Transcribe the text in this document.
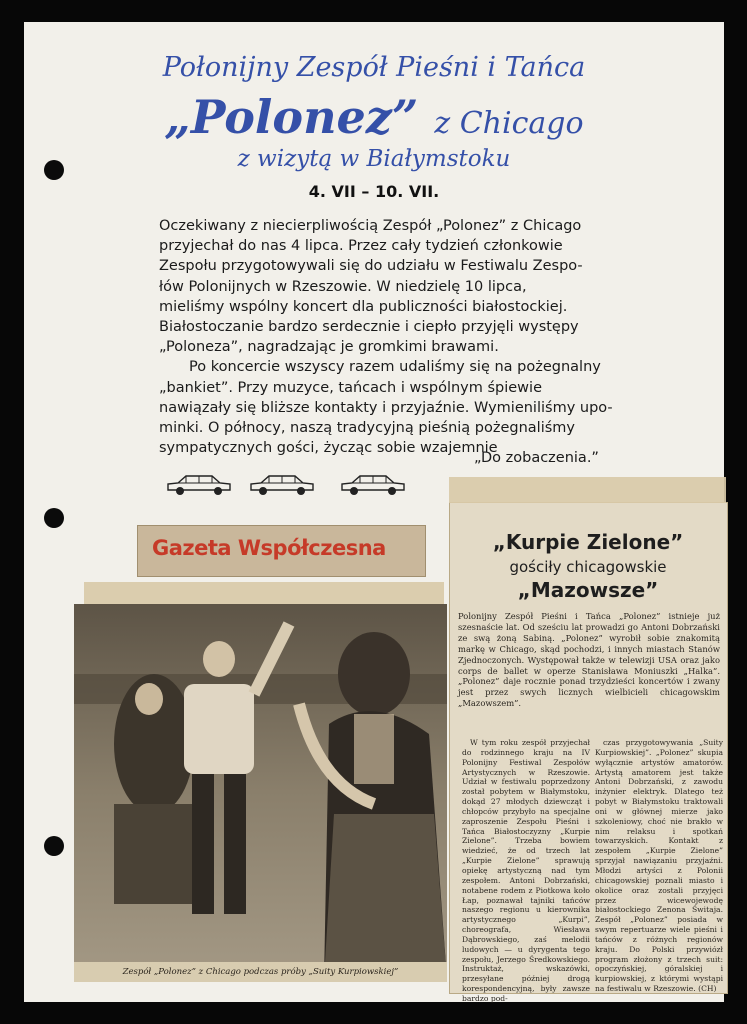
Połonijny Zespół Pieśni i Tańca
„Polonez” z Chicago
z wizytą w Białymstoku
4. VII – 10. VII.

Oczekiwany z niecierpliwością Zespół „Polonez” z Chicago
przyjechał do nas 4 lipca. Przez cały tydzień członkowie
Zespołu przygotowywali się do udziału w Festiwalu Zespo-
łów Polonijnych w Rzeszowie. W niedzielę 10 lipca,
mieliśmy wspólny koncert dla publiczności białostockiej.
Białostoczanie bardzo serdecznie i ciepło przyjęli występy
„Poloneza”, nagradzając je gromkimi brawami.

Po koncercie wszyscy razem udaliśmy się na pożegnalny
„bankiet”. Przy muzyce, tańcach i wspólnym śpiewie
nawiązały się bliższe kontakty i przyjaźnie. Wymieniliśmy upo-
minki. O północy, naszą tradycyjną pieśnią pożegnaliśmy
sympatycznych gości, życząc sobie wzajemnie

„Do zobaczenia.”
Gazeta Współczesna
Zespół „Polonez” z Chicago podczas próby „Suity Kurpiowskiej”
„Kurpie Zielone”
gościły chicagowskie
„Mazowsze”
Polonijny Zespół Pieśni i Tańca „Polonez” istnieje już szesnaście lat. Od sześciu lat prowadzi go Antoni Dobrzański ze swą żoną Sabiną. „Polonez” wyrobił sobie znakomitą markę w Chicago, skąd pochodzi, i innych miastach Stanów Zjednoczonych. Występował także w telewizji USA oraz jako corps de ballet w operze Stanisława Moniuszki „Halka”. „Polonez” daje rocznie ponad trzydzieści koncertów i zwany jest przez swych licznych wielbicieli chicagowskim „Mazowszem”.

W tym roku zespół przyjechał do rodzinnego kraju na IV Polonijny Festiwal Zespołów Artystycznych w Rzeszowie. Udział w festiwalu poprzedzony został pobytem w Białymstoku, dokąd 27 młodych dziewcząt i chłopców przybyło na specjalne zaproszenie Zespołu Pieśni i Tańca Białostoczyzny „Kurpie Zielone”. Trzeba bowiem wiedzieć, że od trzech lat „Kurpie Zielone” sprawują opiekę artystyczną nad tym zespołem. Antoni Dobrzański, notabene rodem z Piotkowa koło Łap, poznawał tajniki tańców naszego regionu u kierownika artystycznego „Kurpi”, choreografa, Wiesława Dąbrowskiego, zaś melodii ludowych — u dyrygenta tego zespołu, Jerzego Średkowskiego. Instruktaż, wskazówki, przesyłane później drogą korespondencyjną, były zawsze bardzo pod-

czas przygotowywania „Suity Kurpiowskiej”. „Polonez” skupia wyłącznie artystów amatorów. Artystą amatorem jest także Antoni Dobrzański, z zawodu inżynier elektryk. Dlatego też pobyt w Białymstoku traktowali oni w głównej mierze jako szkoleniowy, choć nie brakło w nim relaksu i spotkań towarzyskich. Kontakt z zespołem „Kurpie Zielone” sprzyjał nawiązaniu przyjaźni. Młodzi artyści z Polonii chicagowskiej poznali miasto i okolice oraz zostali przyjęci przez wicewojewodę białostockiego Zenona Świtaja. Zespół „Polonez” posiada w swym repertuarze wiele pieśni i tańców z różnych regionów kraju. Do Polski przywiózł program złożony z trzech suit: opoczyńskiej, góralskiej i kurpiowskiej, z którymi wystąpi na festiwalu w Rzeszowie. (CH)
